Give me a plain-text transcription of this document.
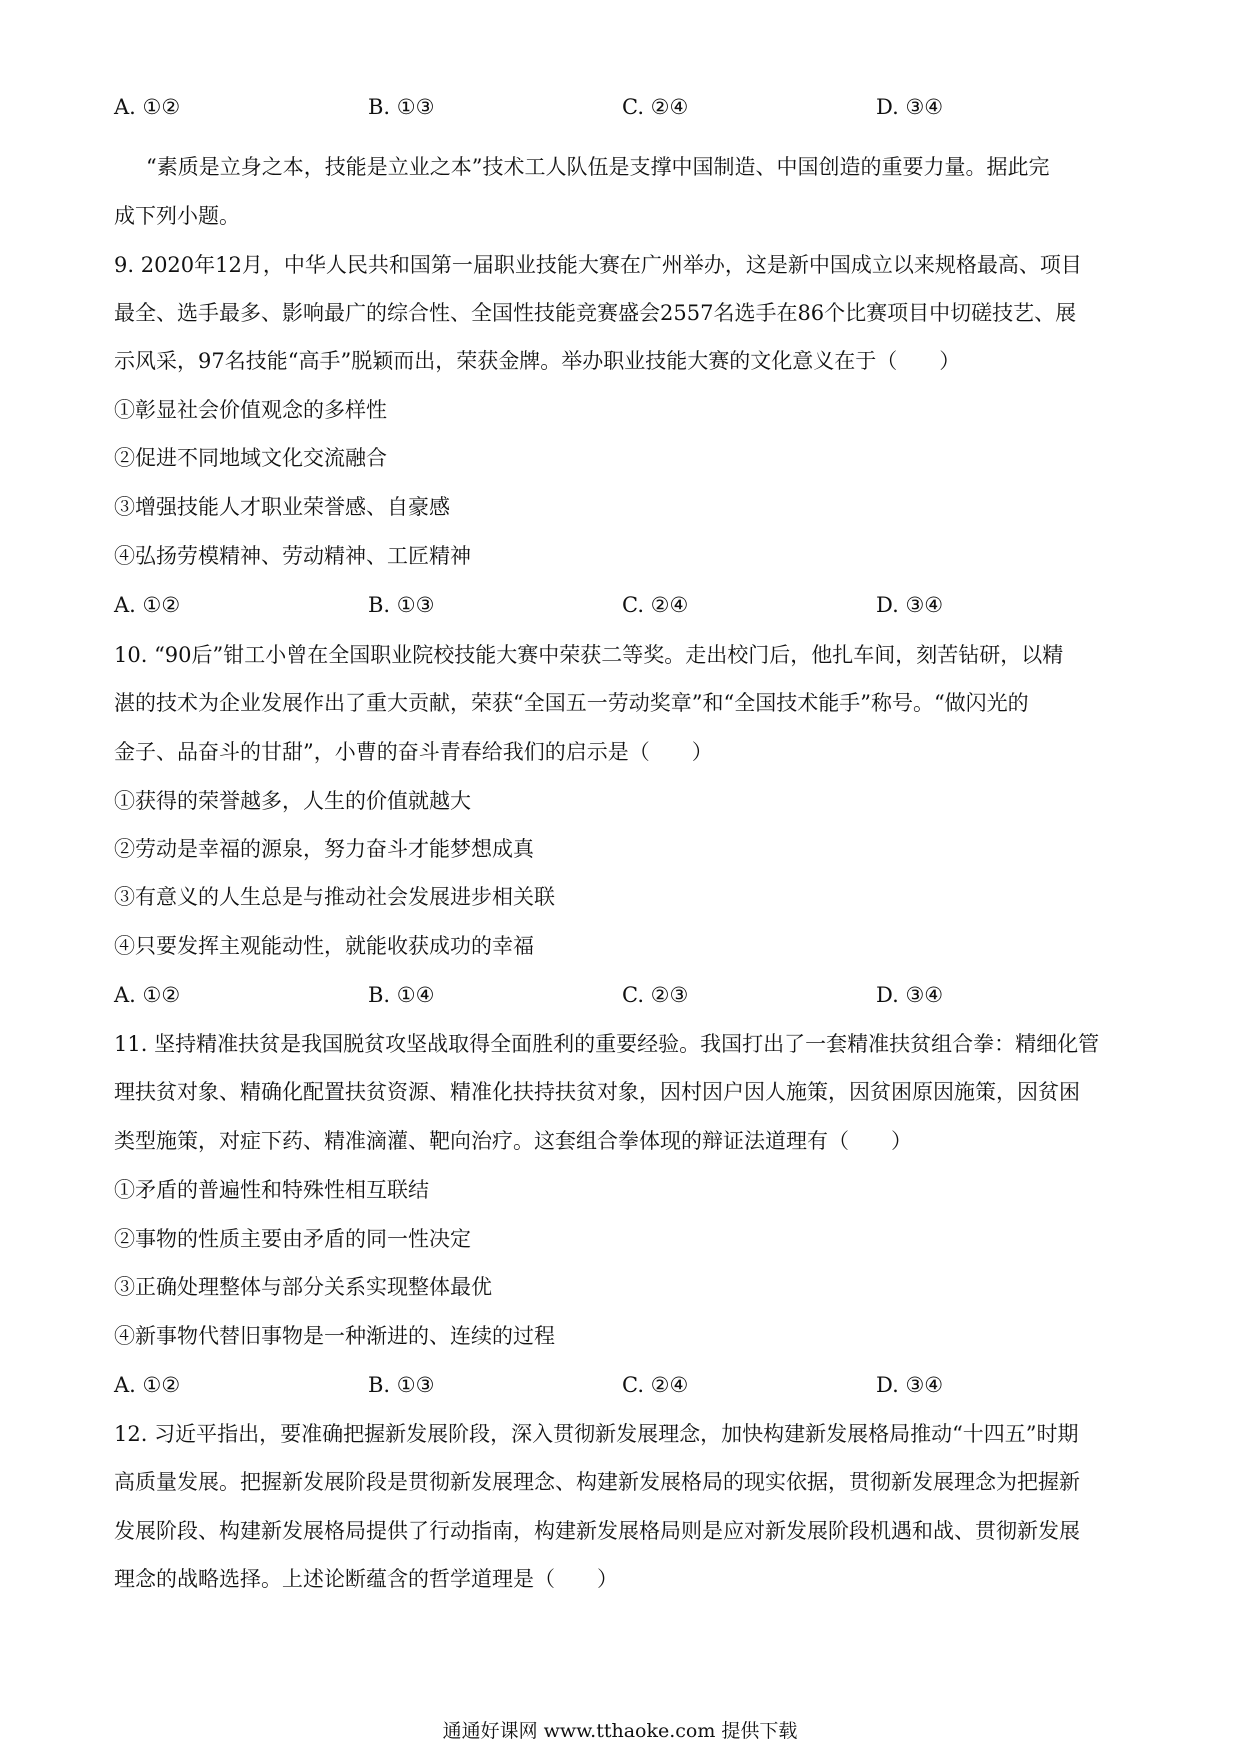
A. ①②	B. ①③	C. ②④	D. ③④
“素质是立身之本，技能是立业之本”技术工人队伍是支撑中国制造、中国创造的重要力量。据此完
成下列小题。
9. 2020年12月，中华人民共和国第一届职业技能大赛在广州举办，这是新中国成立以来规格最高、项目
最全、选手最多、影响最广的综合性、全国性技能竞赛盛会2557名选手在86个比赛项目中切磋技艺、展
示风采，97名技能“高手”脱颖而出，荣获金牌。举办职业技能大赛的文化意义在于（　　）
①彰显社会价值观念的多样性
②促进不同地域文化交流融合
③增强技能人才职业荣誉感、自豪感
④弘扬劳模精神、劳动精神、工匠精神
A. ①②	B. ①③	C. ②④	D. ③④
10. “90后”钳工小曾在全国职业院校技能大赛中荣获二等奖。走出校门后，他扎车间，刻苦钻研，以精
湛的技术为企业发展作出了重大贡献，荣获“全国五一劳动奖章”和“全国技术能手”称号。“做闪光的
金子、品奋斗的甘甜”，小曹的奋斗青春给我们的启示是（　　）
①获得的荣誉越多，人生的价值就越大
②劳动是幸福的源泉，努力奋斗才能梦想成真
③有意义的人生总是与推动社会发展进步相关联
④只要发挥主观能动性，就能收获成功的幸福
A. ①②	B. ①④	C. ②③	D. ③④
11. 坚持精准扶贫是我国脱贫攻坚战取得全面胜利的重要经验。我国打出了一套精准扶贫组合拳：精细化管
理扶贫对象、精确化配置扶贫资源、精准化扶持扶贫对象，因村因户因人施策，因贫困原因施策，因贫困
类型施策，对症下药、精准滴灌、靶向治疗。这套组合拳体现的辩证法道理有（　　）
①矛盾的普遍性和特殊性相互联结
②事物的性质主要由矛盾的同一性决定
③正确处理整体与部分关系实现整体最优
④新事物代替旧事物是一种渐进的、连续的过程
A. ①②	B. ①③	C. ②④	D. ③④
12. 习近平指出，要准确把握新发展阶段，深入贯彻新发展理念，加快构建新发展格局推动“十四五”时期
高质量发展。把握新发展阶段是贯彻新发展理念、构建新发展格局的现实依据，贯彻新发展理念为把握新
发展阶段、构建新发展格局提供了行动指南，构建新发展格局则是应对新发展阶段机遇和战、贯彻新发展
理念的战略选择。上述论断蕴含的哲学道理是（　　）
通通好课网 www.tthaoke.com 提供下载
